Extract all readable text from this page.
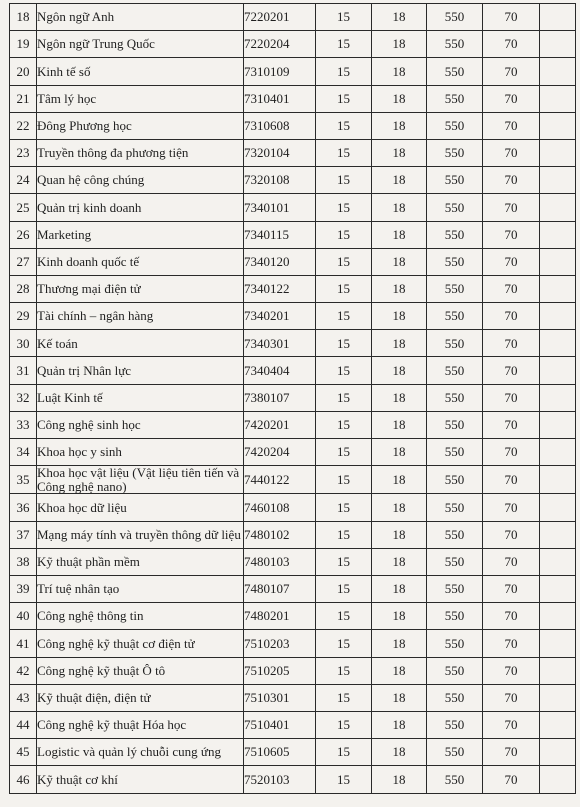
18	Ngôn ngữ Anh	7220201	15	18	550	70	
19	Ngôn ngữ Trung Quốc	7220204	15	18	550	70	
20	Kinh tế số	7310109	15	18	550	70	
21	Tâm lý học	7310401	15	18	550	70	
22	Đông Phương học	7310608	15	18	550	70	
23	Truyền thông đa phương tiện	7320104	15	18	550	70	
24	Quan hệ công chúng	7320108	15	18	550	70	
25	Quản trị kinh doanh	7340101	15	18	550	70	
26	Marketing	7340115	15	18	550	70	
27	Kinh doanh quốc tế	7340120	15	18	550	70	
28	Thương mại điện tử	7340122	15	18	550	70	
29	Tài chính – ngân hàng	7340201	15	18	550	70	
30	Kế toán	7340301	15	18	550	70	
31	Quản trị Nhân lực	7340404	15	18	550	70	
32	Luật Kinh tế	7380107	15	18	550	70	
33	Công nghệ sinh học	7420201	15	18	550	70	
34	Khoa học y sinh	7420204	15	18	550	70	
35	Khoa học vật liệu (Vật liệu tiên tiến và Công nghệ nano)	7440122	15	18	550	70	
36	Khoa học dữ liệu	7460108	15	18	550	70	
37	Mạng máy tính và truyền thông dữ liệu	7480102	15	18	550	70	
38	Kỹ thuật phần mềm	7480103	15	18	550	70	
39	Trí tuệ nhân tạo	7480107	15	18	550	70	
40	Công nghệ thông tin	7480201	15	18	550	70	
41	Công nghệ kỹ thuật cơ điện tử	7510203	15	18	550	70	
42	Công nghệ kỹ thuật Ô tô	7510205	15	18	550	70	
43	Kỹ thuật điện, điện tử	7510301	15	18	550	70	
44	Công nghệ kỹ thuật Hóa học	7510401	15	18	550	70	
45	Logistic và quản lý chuỗi cung ứng	7510605	15	18	550	70	
46	Kỹ thuật cơ khí	7520103	15	18	550	70	
